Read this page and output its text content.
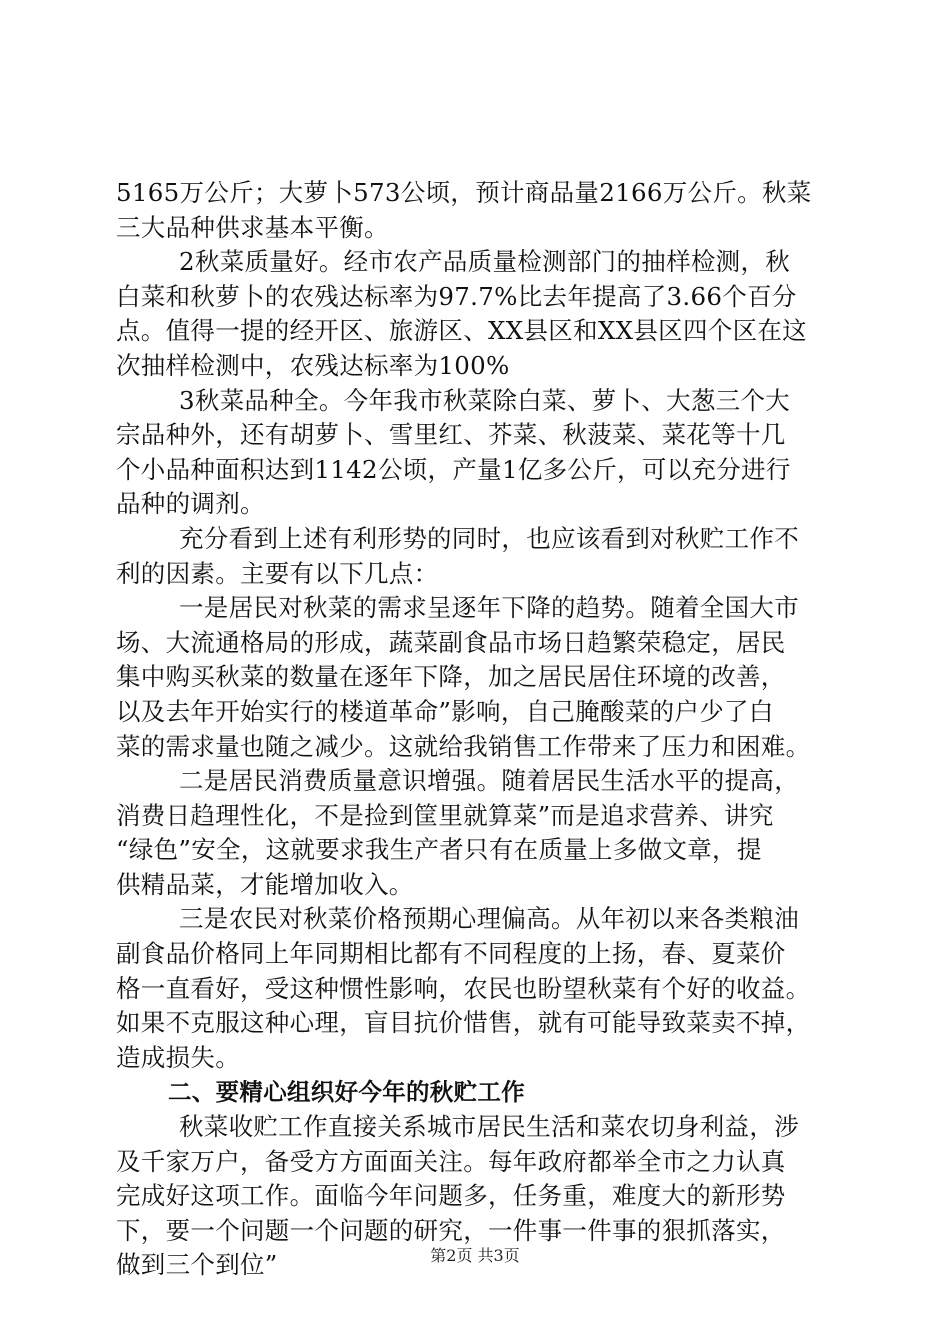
5165万公斤；大萝卜573公顷，预计商品量2166万公斤。秋菜
三大品种供求基本平衡。
2秋菜质量好。经市农产品质量检测部门的抽样检测，秋
白菜和秋萝卜的农残达标率为97.7%比去年提高了3.66个百分
点。值得一提的经开区、旅游区、XX县区和XX县区四个区在这
次抽样检测中，农残达标率为100%
3秋菜品种全。今年我市秋菜除白菜、萝卜、大葱三个大
宗品种外，还有胡萝卜、雪里红、芥菜、秋菠菜、菜花等十几
个小品种面积达到1142公顷，产量1亿多公斤，可以充分进行
品种的调剂。
充分看到上述有利形势的同时，也应该看到对秋贮工作不
利的因素。主要有以下几点：
一是居民对秋菜的需求呈逐年下降的趋势。随着全国大市
场、大流通格局的形成，蔬菜副食品市场日趋繁荣稳定，居民
集中购买秋菜的数量在逐年下降，加之居民居住环境的改善，
以及去年开始实行的楼道革命”影响，自己腌酸菜的户少了白
菜的需求量也随之减少。这就给我销售工作带来了压力和困难。
二是居民消费质量意识增强。随着居民生活水平的提高，
消费日趋理性化，不是捡到筐里就算菜”而是追求营养、讲究
“绿色”安全，这就要求我生产者只有在质量上多做文章，提
供精品菜，才能增加收入。
三是农民对秋菜价格预期心理偏高。从年初以来各类粮油
副食品价格同上年同期相比都有不同程度的上扬，春、夏菜价
格一直看好，受这种惯性影响，农民也盼望秋菜有个好的收益。
如果不克服这种心理，盲目抗价惜售，就有可能导致菜卖不掉，
造成损失。
二、要精心组织好今年的秋贮工作
秋菜收贮工作直接关系城市居民生活和菜农切身利益，涉
及千家万户，备受方方面面关注。每年政府都举全市之力认真
完成好这项工作。面临今年问题多，任务重，难度大的新形势
下，要一个问题一个问题的研究，一件事一件事的狠抓落实，
做到三个到位”	第2页 共3页
